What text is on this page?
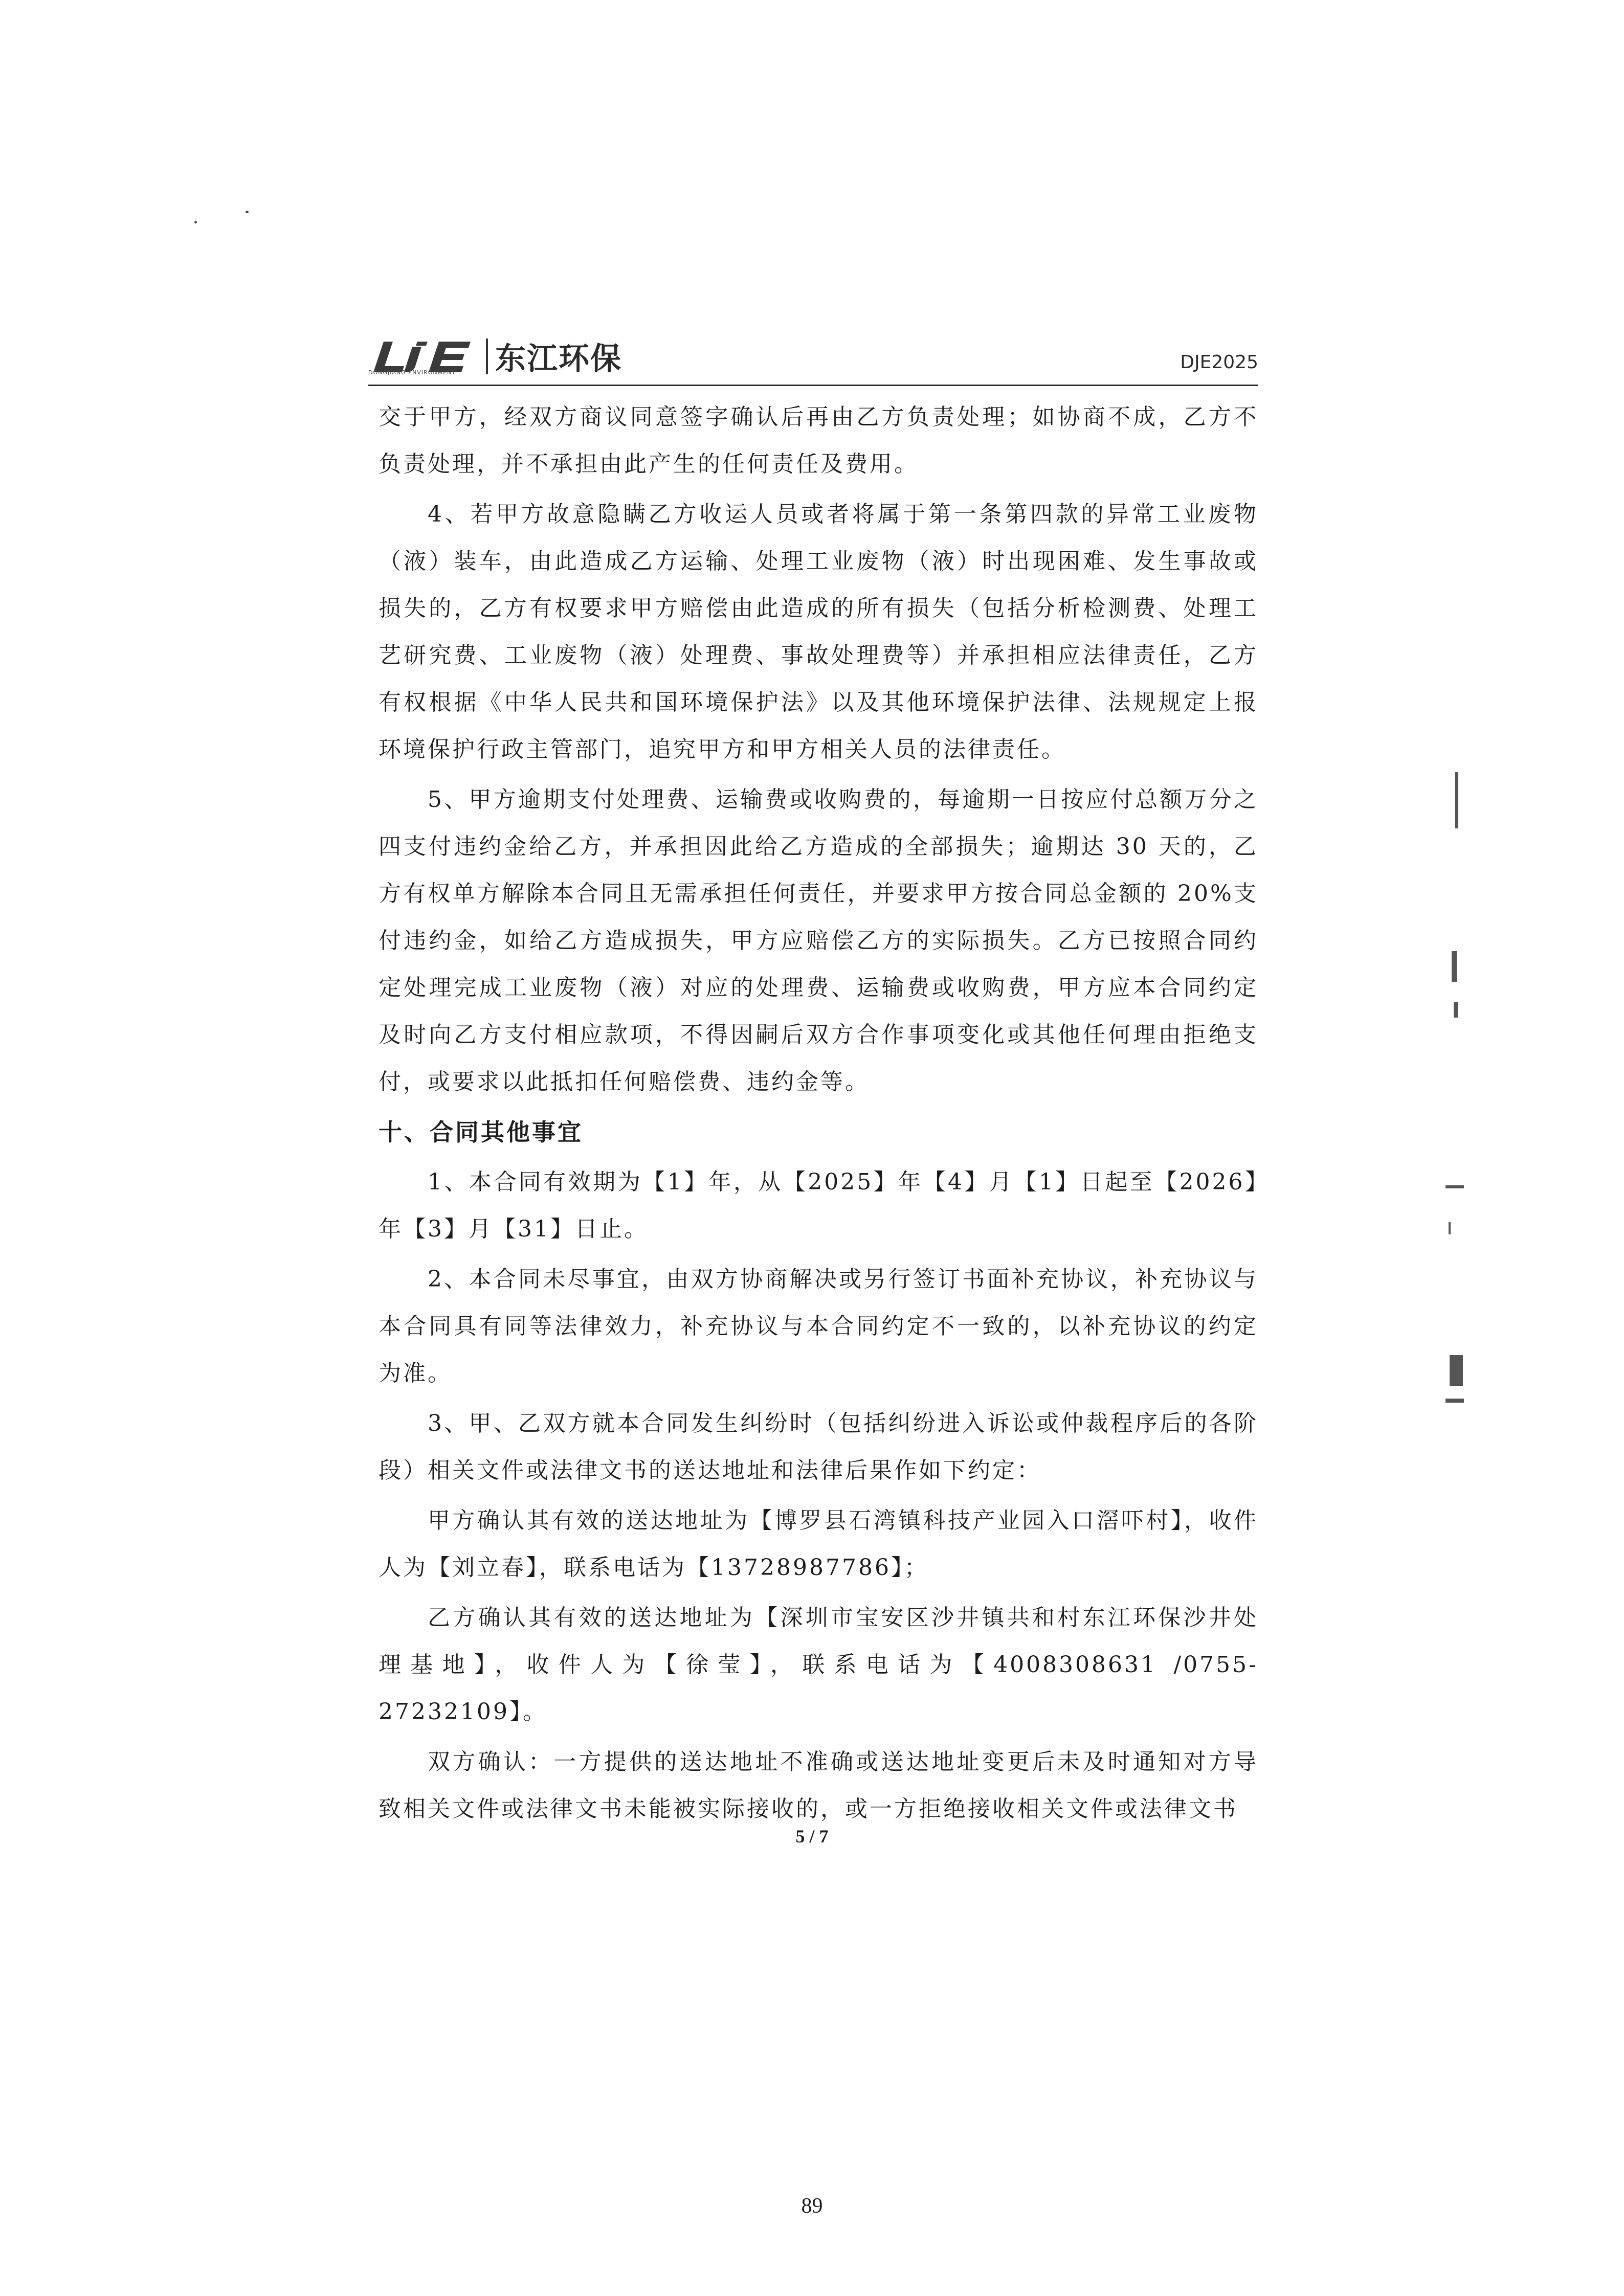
东江环保
DONGJIANG ENVIRONMENT	DJE2025

交于甲方，经双方商议同意签字确认后再由乙方负责处理；如协商不成，乙方不负责处理，并不承担由此产生的任何责任及费用。

4、若甲方故意隐瞒乙方收运人员或者将属于第一条第四款的异常工业废物（液）装车，由此造成乙方运输、处理工业废物（液）时出现困难、发生事故或损失的，乙方有权要求甲方赔偿由此造成的所有损失（包括分析检测费、处理工艺研究费、工业废物（液）处理费、事故处理费等）并承担相应法律责任，乙方有权根据《中华人民共和国环境保护法》以及其他环境保护法律、法规规定上报环境保护行政主管部门，追究甲方和甲方相关人员的法律责任。

5、甲方逾期支付处理费、运输费或收购费的，每逾期一日按应付总额万分之四支付违约金给乙方，并承担因此给乙方造成的全部损失；逾期达 30 天的，乙方有权单方解除本合同且无需承担任何责任，并要求甲方按合同总金额的 20%支付违约金，如给乙方造成损失，甲方应赔偿乙方的实际损失。乙方已按照合同约定处理完成工业废物（液）对应的处理费、运输费或收购费，甲方应本合同约定及时向乙方支付相应款项，不得因嗣后双方合作事项变化或其他任何理由拒绝支付，或要求以此抵扣任何赔偿费、违约金等。

十、合同其他事宜

1、本合同有效期为【1】年，从【2025】年【4】月【1】日起至【2026】年【3】月【31】日止。

2、本合同未尽事宜，由双方协商解决或另行签订书面补充协议，补充协议与本合同具有同等法律效力，补充协议与本合同约定不一致的，以补充协议的约定为准。

3、甲、乙双方就本合同发生纠纷时（包括纠纷进入诉讼或仲裁程序后的各阶段）相关文件或法律文书的送达地址和法律后果作如下约定：

甲方确认其有效的送达地址为【博罗县石湾镇科技产业园入口滘吓村】，收件人为【刘立春】，联系电话为【13728987786】；

乙方确认其有效的送达地址为【深圳市宝安区沙井镇共和村东江环保沙井处理基地】，收件人为【徐莹】，联系电话为【4008308631 /0755-27232109】。

双方确认：一方提供的送达地址不准确或送达地址变更后未及时通知对方导致相关文件或法律文书未能被实际接收的，或一方拒绝接收相关文件或法律文书

5 / 7
89
